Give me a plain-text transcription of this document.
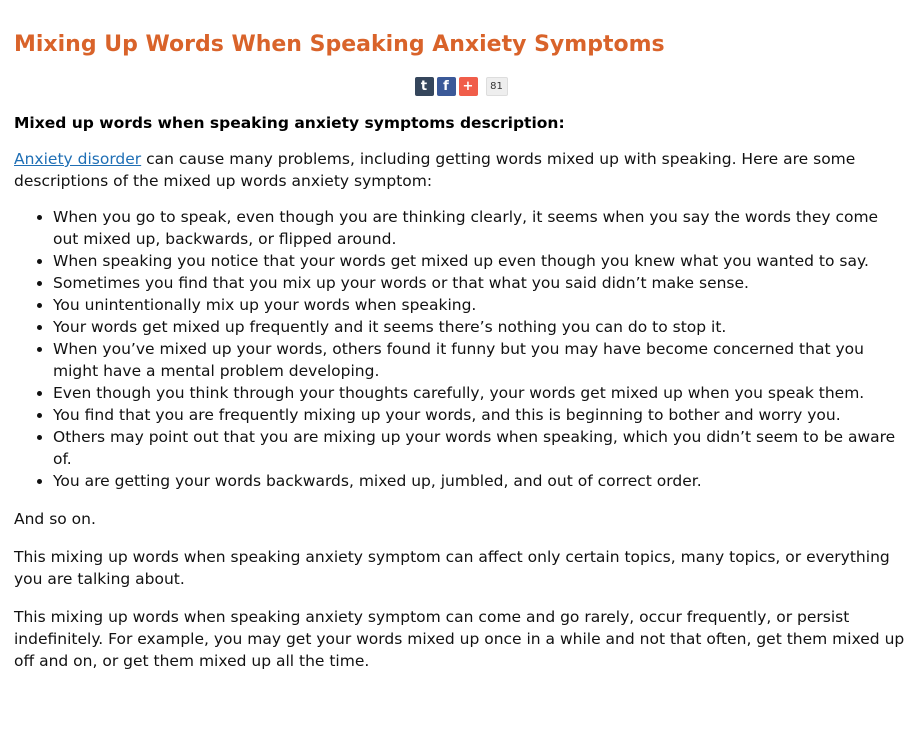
Mixing Up Words When Speaking Anxiety Symptoms
t f +	81
Mixed up words when speaking anxiety symptoms description:

Anxiety disorder can cause many problems, including getting words mixed up with speaking. Here are some descriptions of the mixed up words anxiety symptom:

• When you go to speak, even though you are thinking clearly, it seems when you say the words they come out mixed up, backwards, or flipped around.
• When speaking you notice that your words get mixed up even though you knew what you wanted to say.
• Sometimes you find that you mix up your words or that what you said didn’t make sense.
• You unintentionally mix up your words when speaking.
• Your words get mixed up frequently and it seems there’s nothing you can do to stop it.
• When you’ve mixed up your words, others found it funny but you may have become concerned that you might have a mental problem developing.
• Even though you think through your thoughts carefully, your words get mixed up when you speak them.
• You find that you are frequently mixing up your words, and this is beginning to bother and worry you.
• Others may point out that you are mixing up your words when speaking, which you didn’t seem to be aware of.
• You are getting your words backwards, mixed up, jumbled, and out of correct order.

And so on.

This mixing up words when speaking anxiety symptom can affect only certain topics, many topics, or everything you are talking about.

This mixing up words when speaking anxiety symptom can come and go rarely, occur frequently, or persist indefinitely. For example, you may get your words mixed up once in a while and not that often, get them mixed up off and on, or get them mixed up all the time.
